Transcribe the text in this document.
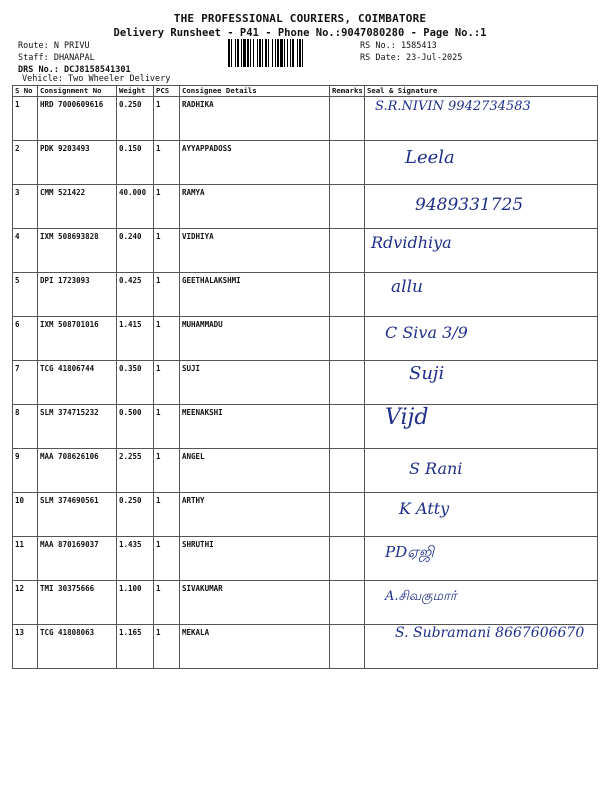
THE PROFESSIONAL COURIERS, COIMBATORE
Delivery Runsheet - P41 - Phone No.:9047080280 - Page No.:1
Route: N PRIVU
Staff: DHANAPAL
DRS No.: DCJ8158541301
Vehicle: Two Wheeler Delivery
RS No.: 1585413
RS Date: 23-Jul-2025
S No	Consignment No	Weight	PCS	Consignee Details	Remarks	Seal & Signature
1	HRD 7000609616	0.250	1	RADHIKA		S.R.NIVIN 9942734583

2	PDK 9203493	0.150	1	AYYAPPADOSS		Leela

3	CMM 521422	40.000	1	RAMYA		9489331725

4	IXM 508693828	0.240	1	VIDHIYA		Rdvidhiya

5	DPI 1723093	0.425	1	GEETHALAKSHMI		allu

6	IXM 508701016	1.415	1	MUHAMMADU		C Siva 3/9

7	TCG 41806744	0.350	1	SUJI		Suji

8	SLM 374715232	0.500	1	MEENAKSHI		Vijd

9	MAA 708626106	2.255	1	ANGEL		S Rani

10	SLM 374690561	0.250	1	ARTHY		K Atty

11	MAA 870169037	1.435	1	SHRUTHI		PDஏஜி

12	TMI 30375666	1.100	1	SIVAKUMAR		A.சிவகுமார்

13	TCG 41808063	1.165	1	MEKALA		S. Subramani 8667606670
